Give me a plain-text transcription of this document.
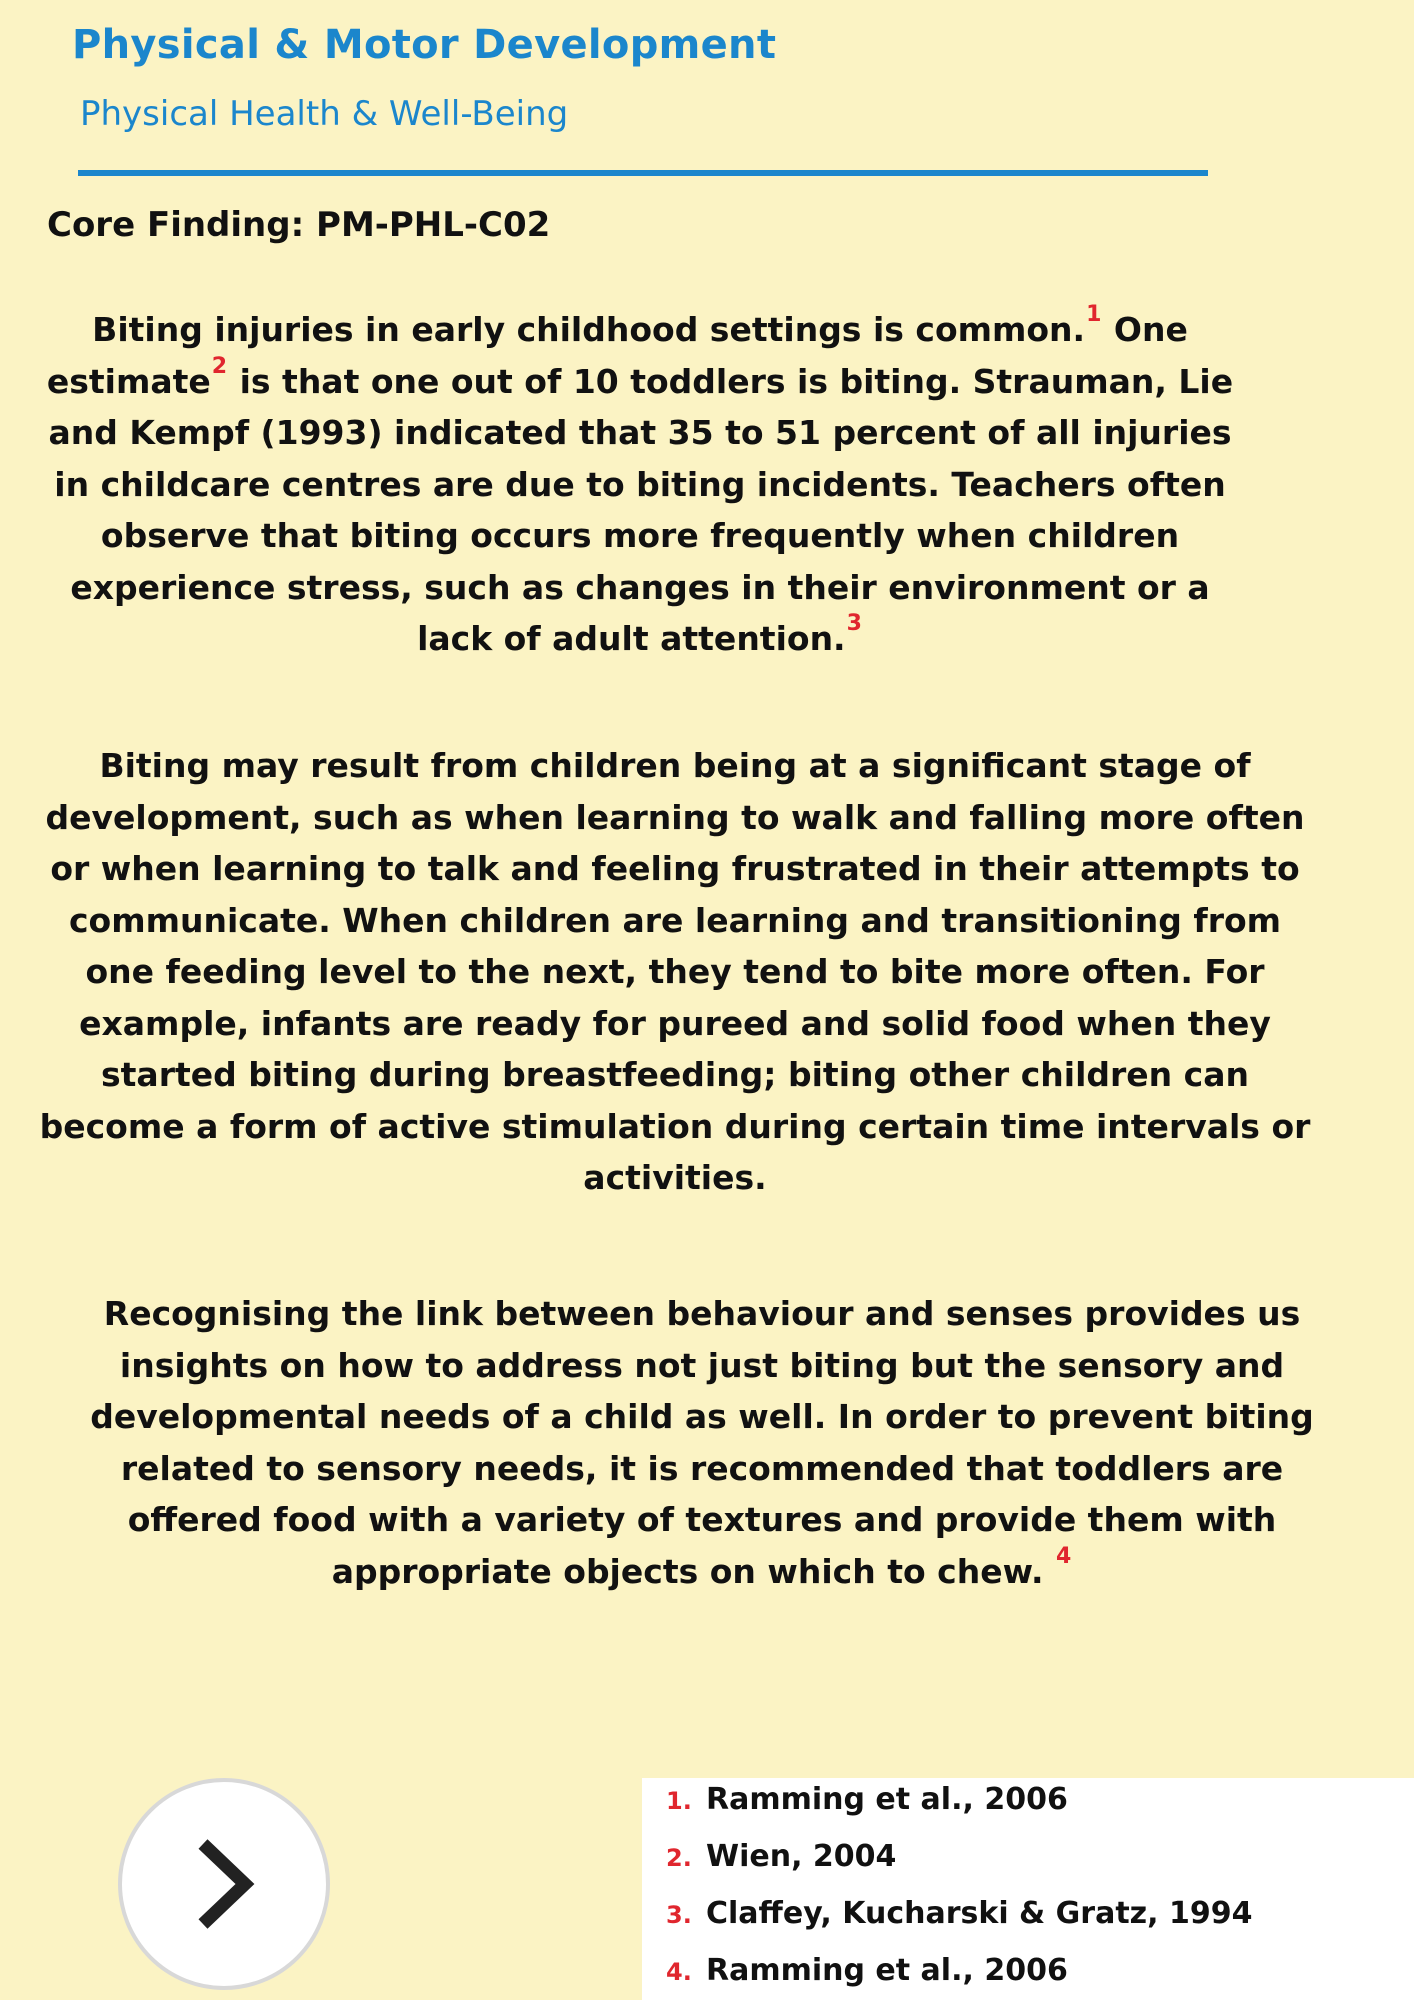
Physical & Motor Development
Physical Health & Well-Being
Core Finding: PM-PHL-C02
Biting injuries in early childhood settings is common.$^1$ One estimate$^2$ is that one out of 10 toddlers is biting. Strauman, Lie and Kempf (1993) indicated that 35 to 51 percent of all injuries in childcare centres are due to biting incidents. Teachers often observe that biting occurs more frequently when children experience stress, such as changes in their environment or a lack of adult attention.$^3$
Biting may result from children being at a significant stage of development, such as when learning to walk and falling more often or when learning to talk and feeling frustrated in their attempts to communicate. When children are learning and transitioning from one feeding level to the next, they tend to bite more often. For example, infants are ready for pureed and solid food when they started biting during breastfeeding; biting other children can become a form of active stimulation during certain time intervals or activities.
Recognising the link between behaviour and senses provides us insights on how to address not just biting but the sensory and developmental needs of a child as well. In order to prevent biting related to sensory needs, it is recommended that toddlers are offered food with a variety of textures and provide them with appropriate objects on which to chew. $^4$
1. Ramming et al., 2006
2. Wien, 2004
3. Claffey, Kucharski & Gratz, 1994
4. Ramming et al., 2006
